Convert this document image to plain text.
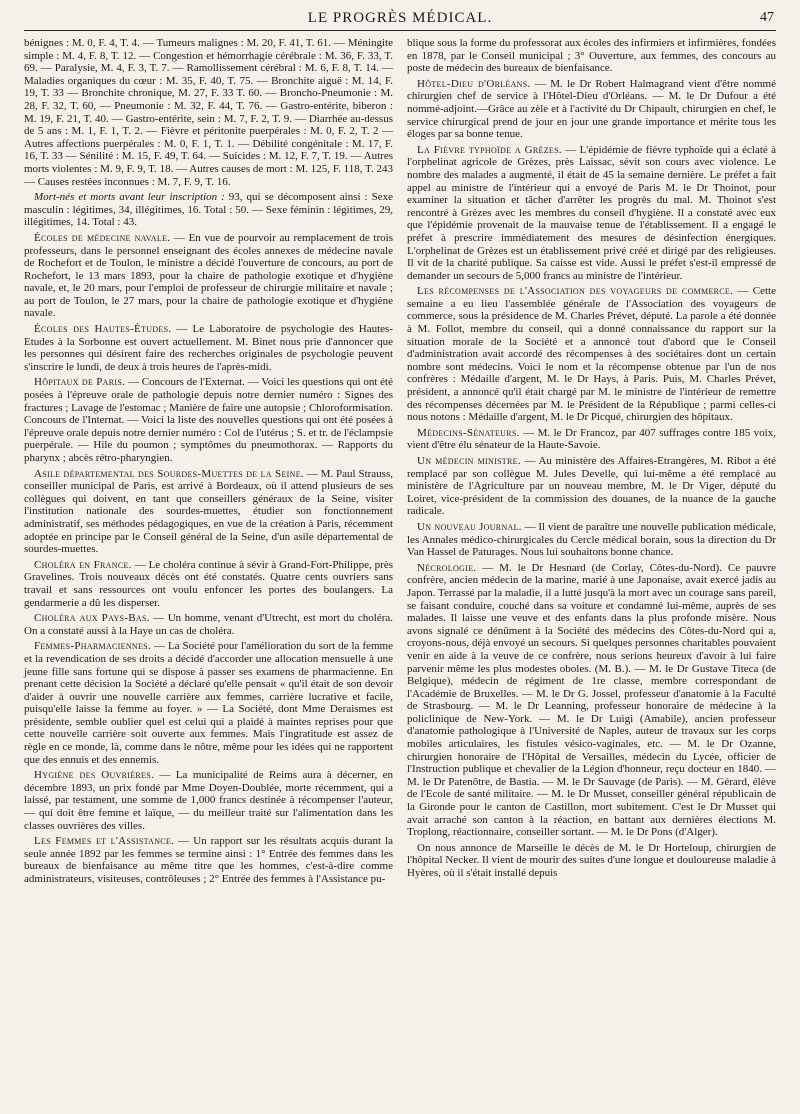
LE PROGRÈS MÉDICAL.	47

bénignes : M. 0, F. 4, T. 4. — Tumeurs malignes : M. 20, F. 41, T. 61. — Méningite simple : M. 4, F. 8, T. 12. — Congestion et hémorrhagie cérébrale : M. 36, F. 33, T. 69. — Paralysie, M. 4, F. 3, T. 7. — Ramollissement cérébral : M. 6, F. 8, T. 14. — Maladies organiques du cœur : M. 35, F. 40, T. 75. — Bronchite aiguë : M. 14, F. 19, T. 33 — Bronchite chronique, M. 27, F. 33 T. 60. — Broncho-Pneumonie : M. 28, F. 32, T. 60, — Pneumonie : M. 32, F. 44, T. 76. — Gastro-entérite, biberon : M. 19, F. 21, T. 40. — Gastro-entérite, sein : M. 7, F. 2, T. 9. — Diarrhée au-dessus de 5 ans : M. 1, F. 1, T. 2. — Fièvre et péritonite puerpérales : M. 0, F. 2, T. 2 — Autres affections puerpérales : M. 0, F. 1, T. 1. — Débilité congénitale : M. 17, F. 16, T. 33 — Sénilité : M. 15, F. 49, T. 64. — Suicides : M. 12, F. 7, T. 19. — Autres morts violentes : M. 9, F. 9, T. 18. — Autres causes de mort : M. 125, F. 118, T. 243 — Causes restées inconnues : M. 7, F. 9, T. 16.

Mort-nés et morts avant leur inscription : 93, qui se décomposent ainsi : Sexe masculin : légitimes, 34, illégitimes, 16. Total : 50. — Sexe féminin : légitimes, 29, illégitimes, 14. Total : 43.

Écoles de médecine navale. — En vue de pourvoir au remplacement de trois professeurs, dans le personnel enseignant des écoles annexes de médecine navale de Rochefort et de Toulon, le ministre a décidé l'ouverture de concours, au port de Rochefort, le 13 mars 1893, pour la chaire de pathologie exotique et d'hygiène navale, et, le 20 mars, pour l'emploi de professeur de chirurgie militaire et navale ; au port de Toulon, le 27 mars, pour la chaire de pathologie exotique et d'hygiène navale.

Écoles des Hautes-Études. — Le Laboratoire de psychologie des Hautes-Etudes à la Sorbonne est ouvert actuellement. M. Binet nous prie d'annoncer que les personnes qui désirent faire des recherches originales de psychologie peuvent s'inscrire le lundi, de deux à trois heures de l'après-midi.

Hôpitaux de Paris. — Concours de l'Externat. — Voici les questions qui ont été posées à l'épreuve orale de pathologie depuis notre dernier numéro : Signes des fractures ; Lavage de l'estomac ; Manière de faire une autopsie ; Chloroformisation. Concours de l'Internat. — Voici la liste des nouvelles questions qui ont été posées à l'épreuve orale depuis notre dernier numéro : Col de l'utérus ; S. et tr. de l'éclampsie puerpérale. — Hile du poumon ; symptômes du pneumothorax. — Rapports du pharynx ; abcès rétro-pharyngien.

Asile départemental des Sourdes-Muettes de la Seine. — M. Paul Strauss, conseiller municipal de Paris, est arrivé à Bordeaux, où il attend plusieurs de ses collègues qui doivent, en tant que conseillers généraux de la Seine, visiter l'institution nationale des sourdes-muettes, étudier son fonctionnement administratif, ses méthodes pédagogiques, en vue de la création à Paris, récemment adoptée en principe par le Conseil général de la Seine, d'un asile départemental de sourdes-muettes.

Choléra en France. — Le choléra continue à sévir à Grand-Fort-Philippe, près Gravelines. Trois nouveaux décès ont été constatés. Quatre cents ouvriers sans travail et sans ressources ont voulu enfoncer les portes des boulangers. La gendarmerie a dû les disperser.

Choléra aux Pays-Bas. — Un homme, venant d'Utrecht, est mort du choléra. On a constaté aussi à la Haye un cas de choléra.

Femmes-Pharmaciennes. — La Société pour l'amélioration du sort de la femme et la revendication de ses droits a décidé d'accorder une allocation mensuelle à une jeune fille sans fortune qui se dispose à passer ses examens de pharmacienne. En prenant cette décision la Société a déclaré qu'elle pensait « qu'il était de son devoir d'aider à ouvrir une nouvelle carrière aux femmes, carrière lucrative et facile, puisqu'elle laisse la femme au foyer. » — La Société, dont Mme Deraismes est présidente, semble oublier quel est celui qui a plaidé à maintes reprises pour que cette nouvelle carrière soit ouverte aux femmes. Mais l'ingratitude est assez de règle en ce monde, là, comme dans le nôtre, même pour les idées qui ne rapportent que des ennuis et des ennemis.

Hygiène des Ouvrières. — La municipalité de Reims aura à décerner, en décembre 1893, un prix fondé par Mme Doyen-Doublée, morte récemment, qui a laissé, par testament, une somme de 1,000 francs destinée à récompenser l'auteur, — qui doit être femme et laïque, — du meilleur traité sur l'alimentation dans les classes ouvrières des villes.

Les Femmes et l'Assistance. — Un rapport sur les résultats acquis durant la seule année 1892 par les femmes se termine ainsi : 1° Entrée des femmes dans les bureaux de bienfaisance au même titre que les hommes, c'est-à-dire comme administrateurs, visiteuses, contrôleuses ; 2° Entrée des femmes à l'Assistance pu-

blique sous la forme du professorat aux écoles des infirmiers et infirmières, fondées en 1878, par le Conseil municipal ; 3° Ouverture, aux femmes, des concours au poste de médecin des bureaux de bienfaisance.

Hôtel-Dieu d'Orléans. — M. le Dr Robert Halmagrand vient d'être nommé chirurgien chef de service à l'Hôtel-Dieu d'Orléans. — M. le Dr Dufour a été nommé-adjoint.—Grâce au zèle et à l'activité du Dr Chipault, chirurgien en chef, le service chirurgical prend de jour en jour une grande importance et mérite tous les éloges par sa bonne tenue.

La Fièvre typhoïde a Grèzes. — L'épidémie de fièvre typhoïde qui a éclaté à l'orphelinat agricole de Grèzes, près Laissac, sévit son cours avec violence. Le nombre des malades a augmenté, il était de 45 la semaine dernière. Le préfet a fait appel au ministre de l'intérieur qui a envoyé de Paris M. le Dr Thoinot, pour examiner la situation et tâcher d'arrêter les progrès du mal. M. Thoinot s'est rencontré à Grèzes avec les membres du conseil d'hygiène. Il a constaté avec eux que l'épidémie provenait de la mauvaise tenue de l'établissement. Il a engagé le préfet à prescrire immédiatement des mesures de désinfection énergiques. L'orphelinat de Grèzes est un établissement privé créé et dirigé par des religieuses. Il vit de la charité publique. Sa caisse est vide. Aussi le préfet s'est-il empressé de demander un secours de 5,000 francs au ministre de l'intérieur.

Les récompenses de l'Association des voyageurs de commerce. — Cette semaine a eu lieu l'assemblée générale de l'Association des voyageurs de commerce, sous la présidence de M. Charles Prévet, député. La parole a été donnée à M. Follot, membre du conseil, qui a donné connaissance du rapport sur la situation morale de la Société et a annoncé tout d'abord que le Conseil d'administration avait accordé des récompenses à des sociétaires dont un certain nombre sont médecins. Voici le nom et la récompense obtenue par l'un de nos confrères : Médaille d'argent, M. le Dr Hays, à Paris. Puis, M. Charles Prévet, président, a annoncé qu'il était chargé par M. le ministre de l'intérieur de remettre des récompenses décernées par M. le Président de la République ; parmi celles-ci nous notons : Médaille d'argent, M. le Dr Picqué, chirurgien des hôpitaux.

Médecins-Sénateurs. — M. le Dr Francoz, par 407 suffrages contre 185 voix, vient d'être élu sénateur de la Haute-Savoie.

Un médecin ministre. — Au ministère des Affaires-Etrangères, M. Ribot a été remplacé par son collègue M. Jules Develle, qui lui-même a été remplacé au ministère de l'Agriculture par un nouveau membre, M. le Dr Viger, député du Loiret, vice-président de la commission des douanes, de la nuance de la gauche radicale.

Un nouveau Journal. — Il vient de paraître une nouvelle publication médicale, les Annales médico-chirurgicales du Cercle médical borain, sous la direction du Dr Van Hassel de Paturages. Nous lui souhaitons bonne chance.

Nécrologie. — M. le Dr Hesnard (de Corlay, Côtes-du-Nord). Ce pauvre confrère, ancien médecin de la marine, marié à une Japonaise, avait exercé jadis au Japon. Terrassé par la maladie, il a lutté jusqu'à la mort avec un courage sans pareil, se faisant conduire, couché dans sa voiture et condamné lui-même, auprès de ses malades. Il laisse une veuve et des enfants dans la plus profonde misère. Nous avons signalé ce dénûment à la Société des médecins des Côtes-du-Nord qui a, croyons-nous, déjà envoyé un secours. Si quelques personnes charitables pouvaient venir en aide à la veuve de ce confrère, nous serions heureux d'avoir à lui faire parvenir même les plus modestes oboles. (M. B.). — M. le Dr Gustave Titeca (de Belgique), médecin de régiment de 1re classe, membre correspondant de l'Académie de Bruxelles. — M. le Dr G. Jossel, professeur d'anatomie à la Faculté de Strasbourg. — M. le Dr Leanning, professeur honoraire de médecine à la policlinique de New-York. — M. le Dr Luigi (Amabile), ancien professeur d'anatomie pathologique à l'Université de Naples, auteur de travaux sur les corps mobiles articulaires, les fistules vésico-vaginales, etc. — M. le Dr Ozanne, chirurgien honoraire de l'Hôpital de Versailles, médecin du Lycée, officier de l'Instruction publique et chevalier de la Légion d'honneur, reçu docteur en 1840. — M. le Dr Patenôtre, de Bastia. — M. le Dr Sauvage (de Paris). — M. Gérard, élève de l'Ecole de santé militaire. — M. le Dr Musset, conseiller général républicain de la Gironde pour le canton de Castillon, mort subitement. C'est le Dr Musset qui avait arraché son canton à la réaction, en battant aux dernières élections M. Troplong, réactionnaire, conseiller sortant. — M. le Dr Pons (d'Alger).

On nous annonce de Marseille le décès de M. le Dr Horteloup, chirurgien de l'hôpital Necker. Il vient de mourir des suites d'une longue et douloureuse maladie à Hyères, où il s'était installé depuis
